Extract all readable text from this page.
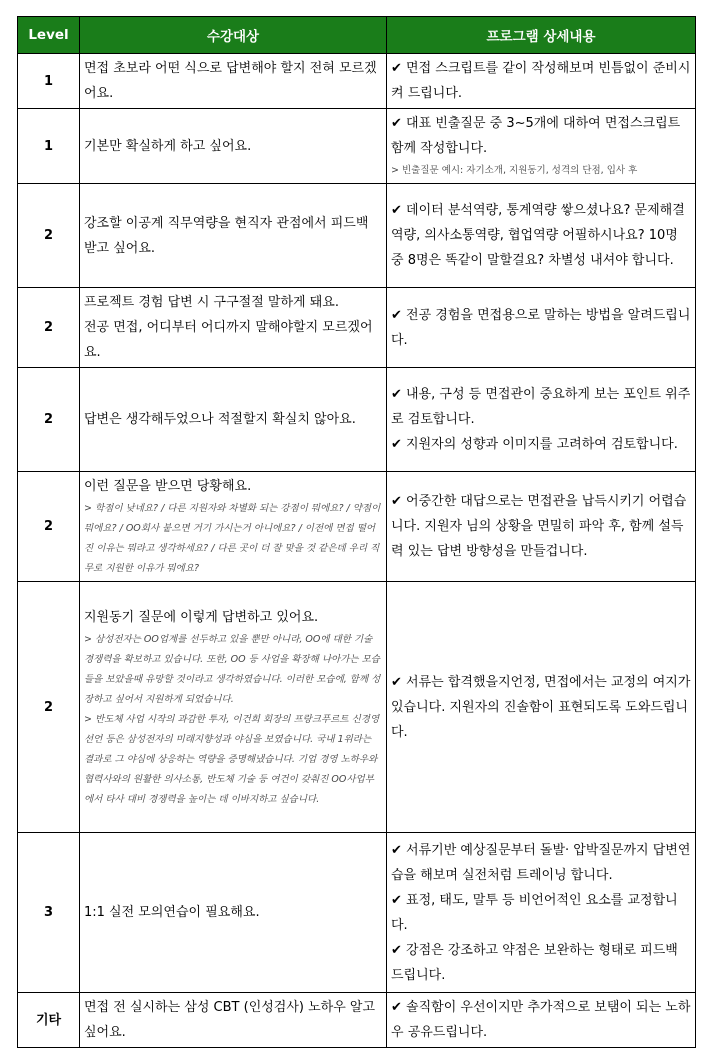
Level	수강대상	프로그램 상세내용
1	면접 초보라 어떤 식으로 답변해야 할지 전혀 모르겠어요.	✔ 면접 스크립트를 같이 작성해보며 빈틈없이 준비시켜 드립니다.

1	기본만 확실하게 하고 싶어요.	✔ 대표 빈출질문 중 3~5개에 대하여 면접스크립트 함께 작성합니다.
> 빈출질문 예시: 자기소개, 지원동기, 성격의 단점, 입사 후

2	강조할 이공계 직무역량을 현직자 관점에서 피드백 받고 싶어요.	✔ 데이터 분석역량, 통계역량 쌓으셨나요? 문제해결역량, 의사소통역량, 협업역량 어필하시나요? 10명 중 8명은 똑같이 말할걸요? 차별성 내셔야 합니다.

2	프로젝트 경험 답변 시 구구절절 말하게 돼요.
전공 면접, 어디부터 어디까지 말해야할지 모르겠어요.	✔ 전공 경험을 면접용으로 말하는 방법을 알려드립니다.

2	답변은 생각해두었으나 적절할지 확실치 않아요.	✔ 내용, 구성 등 면접관이 중요하게 보는 포인트 위주로 검토합니다.
✔ 지원자의 성향과 이미지를 고려하여 검토합니다.

2	이런 질문을 받으면 당황해요.
> 학점이 낮네요? / 다른 지원자와 차별화 되는 강점이 뭐에요? / 약점이 뭐에요? / OO회사 붙으면 거기 가시는거 아니에요? / 이전에 면접 떨어진 이유는 뭐라고 생각하세요? / 다른 곳이 더 잘 맞을 것 같은데 우리 직무로 지원한 이유가 뭐에요?	✔ 어중간한 대답으로는 면접관을 납득시키기 어렵습니다. 지원자 님의 상황을 면밀히 파악 후, 함께 설득력 있는 답변 방향성을 만들겁니다.

2	지원동기 질문에 이렇게 답변하고 있어요.
> 삼성전자는 OO업계를 선두하고 있을 뿐만 아니라, OO에 대한 기술 경쟁력을 확보하고 있습니다. 또한, OO 등 사업을 확장해 나아가는 모습들을 보았을때 유망할 것이라고 생각하였습니다. 이러한 모습에, 함께 성장하고 싶어서 지원하게 되었습니다.
> 반도체 사업 시작의 과감한 투자, 이건희 회장의 프랑크푸르트 신경영 선언 등은 삼성전자의 미래지향성과 야심을 보였습니다. 국내 1위라는 결과로 그 야심에 상응하는 역량을 증명해냈습니다. 기업 경영 노하우와 협력사와의 원활한 의사소통, 반도체 기술 등 여건이 갖춰진 OO사업부에서 타사 대비 경쟁력을 높이는 데 이바지하고 싶습니다.	✔ 서류는 합격했을지언정, 면접에서는 교정의 여지가 있습니다. 지원자의 진솔함이 표현되도록 도와드립니다.

3	1:1 실전 모의연습이 필요해요.	✔ 서류기반 예상질문부터 돌발· 압박질문까지 답변연습을 해보며 실전처럼 트레이닝 합니다.
✔ 표정, 태도, 말투 등 비언어적인 요소를 교정합니다.
✔ 강점은 강조하고 약점은 보완하는 형태로 피드백 드립니다.

기타	면접 전 실시하는 삼성 CBT (인성검사) 노하우 알고 싶어요.	✔ 솔직함이 우선이지만 추가적으로 보탬이 되는 노하우 공유드립니다.
